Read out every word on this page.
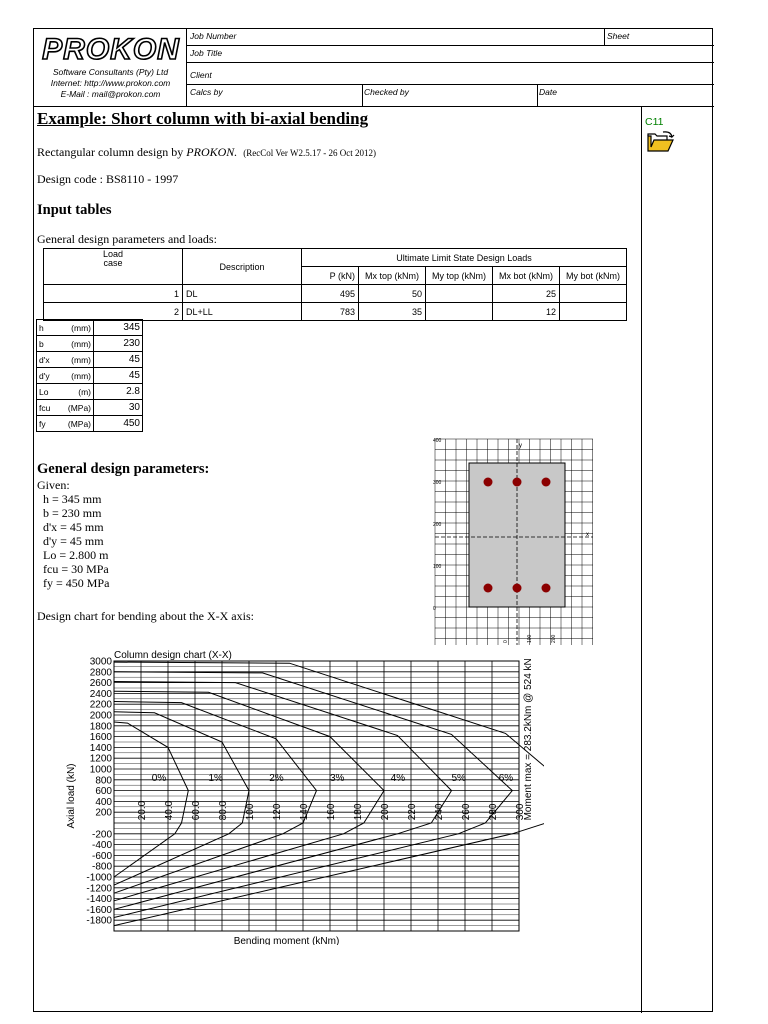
PROKON
Software Consultants (Pty) Ltd
Internet: http://www.prokon.com
E-Mail : mail@prokon.com
Job Number	Sheet
Job Title
Client
Calcs by	Checked by	Date
C11
Example: Short column with bi-axial bending
Rectangular column design by PROKON. (RecCol Ver W2.5.17 - 26 Oct 2012)
Design code : BS8110 - 1997
Input tables
General design parameters and loads:
Load
case	Description	Ultimate Limit State Design Loads				
		P (kN)	Mx top (kNm)	My top (kNm)	Mx bot (kNm)	My bot (kNm)
1	DL	495	50		25	
2	DL+LL	783	35		12	
h (mm)	345
b (mm)	230
d'x (mm)	45
d'y (mm)	45
Lo (m)	2.8
fcu (MPa)	30
fy (MPa)	450
400
300
200
100
0
0	100	200
x
y
General design parameters:
Given:
h = 345 mm
b = 230 mm
d'x = 45 mm
d'y = 45 mm
Lo = 2.800 m
fcu = 30 MPa
fy = 450 MPa
Design chart for bending about the X-X axis:
Column design chart (X-X)
3000
2800
2600
2400
2200
2000
1800
1600
1400
1200
1000
800
600
400
200
-200
-400
-600
-800
-1000
-1200
-1400
-1600
-1800
20.0 40.0 60.0 80.0 100 120 140 160 180 200 220 240 260 280 300
0%	1%	2%	3%	4%	5%	6%
Bending moment (kNm)
Axial load (kN)	Moment max = 283.2kNm @ 524 kN
